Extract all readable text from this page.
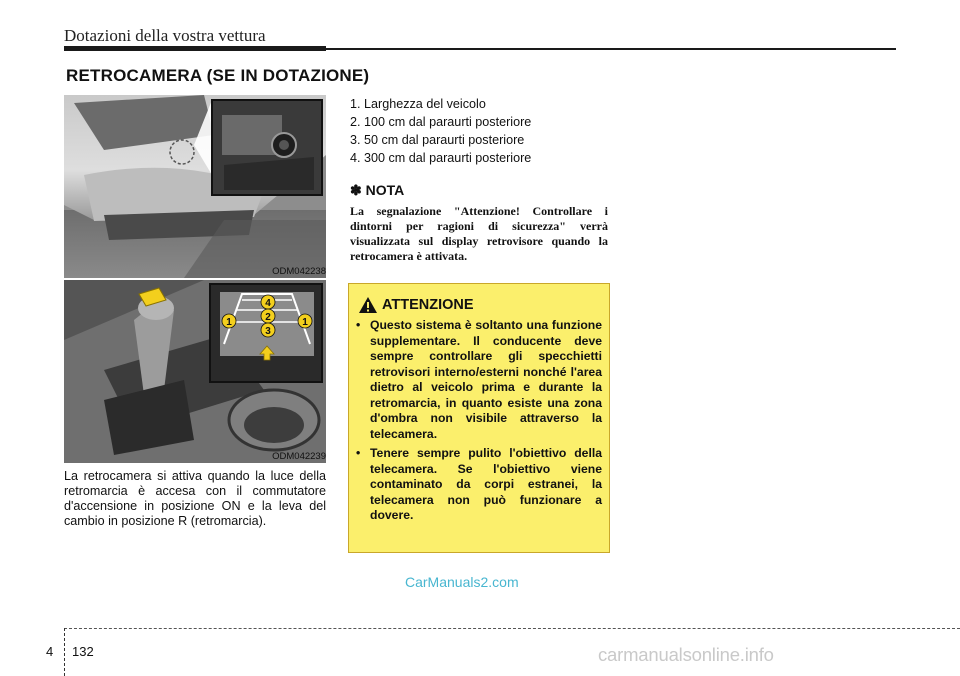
Dotazioni della vostra vettura
RETROCAMERA (SE IN DOTAZIONE)
ODM042238
4
2
3
1	1
ODM042239
La retrocamera si attiva quando la luce della retromarcia è accesa con il commutatore d'accensione in posizione ON e la leva del cambio in posizione R (retromarcia).
1. Larghezza del veicolo
2. 100 cm dal paraurti posteriore
3. 50 cm dal paraurti posteriore
4. 300 cm dal paraurti posteriore
✽ NOTA
La segnalazione "Attenzione! Controllare i dintorni per ragioni di sicurezza" verrà visualizzata sul display retrovisore quando la retrocamera è attivata.
ATTENZIONE
• Questo sistema è soltanto una funzione supplementare. Il conducente deve sempre controllare gli specchietti retrovisori interno/esterni nonché l'area dietro al veicolo prima e durante la retromarcia, in quanto esiste una zona d'ombra non visibile attraverso la telecamera.
• Tenere sempre pulito l'obiettivo della telecamera. Se l'obiettivo viene contaminato da corpi estranei, la telecamera non può funzionare a dovere.
CarManuals2.com
4 132	carmanualsonline.info
